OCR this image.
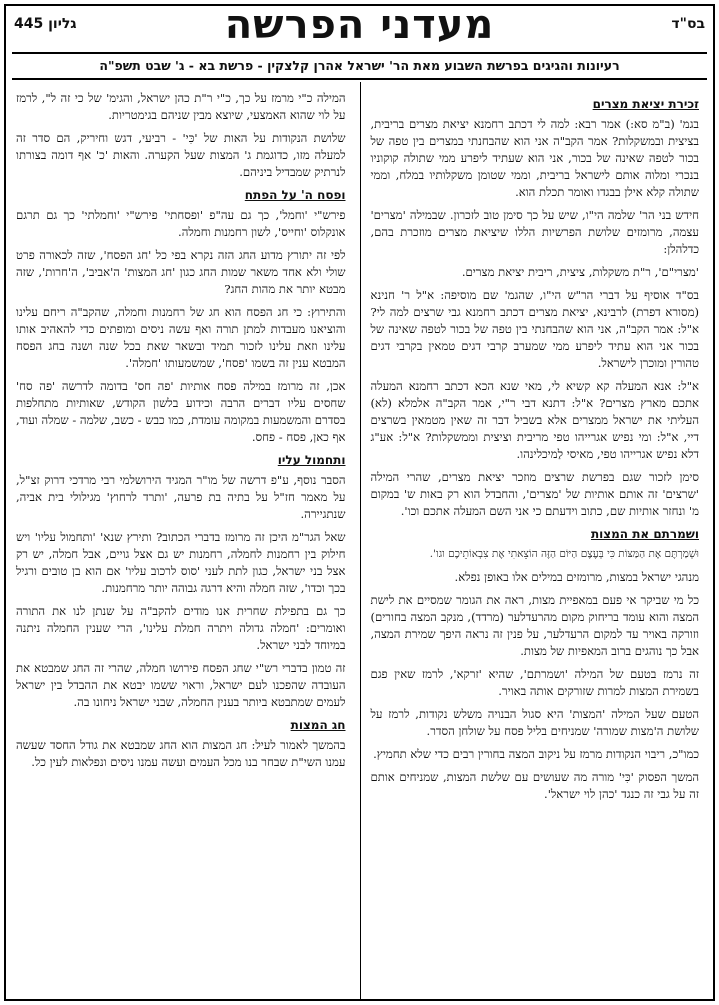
בס"ד
מעדני הפרשה
גליון 445
רעיונות והגיגים בפרשת השבוע מאת הר' ישראל אהרן קלצקין - פרשת בא - ג' שבט תשפ"ה
זכירת יציאת מצרים

בגמ' (ב"מ סא:) אמר רבא: למה לי דכתב רחמנא יציאת מצרים בריבית, בציצית ובמשקלות? אמר הקב"ה אני הוא שהבחנתי במצרים בין טפה של בכור לטפה שאינה של בכור, אני הוא שעתיד ליפרע ממי שתולה קוקוניו בנכרי ומלוה אותם לישראל בריבית, וממי שטומן משקלותיו במלח, וממי שתולה קלא אילן בבגדו ואומר תכלת הוא.

חידש בני הר' שלמה הי"ו, שיש על כך סימן טוב לזכרון. שבמילה 'מצרים' עצמה, מרומזים שלושת הפרשיות הללו שיציאת מצרים מוזכרת בהם, כדלהלן:

'מצרי"ם', ר"ת משקלות, ציצית, ריבית יציאת מצרים.

בס"ד אוסיף על דברי הר"ש הי"ו, שהגמ' שם מוסיפה: א"ל ר' חנינא (מסורא דפרת) לרבינא, יציאת מצרים דכתב רחמנא גבי שרצים למה לי? א"ל: אמר הקב"ה, אני הוא שהבחנתי בין טפה של בכור לטפה שאינה של בכור אני הוא עתיד ליפרע ממי שמערב קרבי דגים טמאין בקרבי דגים טהורין ומוכרן לישראל.

א"ל: אנא המעלה קא קשיא לי, מאי שנא הכא דכתב רחמנא המעלה אתכם מארץ מצרים? א"ל: דתנא דבי ר"י, אמר הקב"ה אלמלא (לא) העליתי את ישראל ממצרים אלא בשביל דבר זה שאין מטמאין בשרצים דיי, א"ל: ומי נפיש אגרייהו טפי מריבית וציצית וממשקלות? א"ל: אע"ג דלא נפיש אגרייהו טפי, מאיסי לַמיכלינהו.

סימן לזכור שגם בפרשת שרצים מוזכר יציאת מצרים, שהרי המילה 'שרצים' זה אותם אותיות של 'מצרים', והחבדל הוא רק באות ש' במקום מ' ונחזר אותיות שם, כתוב וידעתם כי אני השם המעלה אתכם וכו'.

ושמרתם את המצות

וּשְׁמַרְתֶּם אֶת הַמַּצּוֹת כִּי בְּעֶצֶם הַיּוֹם הַזֶּה הוֹצֵאתִי אֶת צִבְאוֹתֵיכֶם וגו'.

מנהגי ישראל במצות, מרומזים במילים אלו באופן נפלא.

כל מי שביקר אי פעם במאפיית מצות, ראה את הגומר שמסיים את לישת המצה והוא עומד בריחוק מקום מהרעדלער (מרדד), מנקב המצה בחורים) וזורקה באויר עד למקום הרעדלער, על פנין זה נראה היפך שמירת המצה, אבל כך נוהגים ברוב המאפיות של מצות.

זה נרמז בטעם של המילה 'ושמרתם', שהיא 'זרקא', לרמז שאין פגם בשמירת המצות למרות שזורקים אותה באויר.

הטעם שעל המילה 'המצות' היא סגול הבנויה משלש נקודות, לרמז על שלושת ה'מצות שמורה' שמניחים בליל פסח על שולחן הסדר.

כמו"כ, ריבוי הנקודות מרמז על ניקוב המצה בחורין רבים כדי שלא תחמיץ.

המשך הפסוק 'כִּי' מורה מה שעושים עם שלשת המצות, שמניחים אותם זה על גבי זה כנגד 'כהן לוי ישראל'.

המילה כ"י מרמז על כך, כ"י ר"ת כהן ישראל, והגימ' של כי זה ל", לרמז על לוי שהוא האמצעי, שיוצא מבין שניהם בגימטריות.

שלושת הנקודות על האות של 'כִּי' - רביעי, דגש וחיריק, הם סדר זה למעלה מזו, כדוגמת ג' המצות שעל הקערה. והאות 'כ' אף דומה בצורתו לנרתיק שמבדיל ביניהם.

ופסח ה' על הפתח

פירש"י 'וחמל', כך גם עה"פ 'ופסחתי' פירש"י 'וחמלתי' כך גם תרגם אונקלוס 'וחייס', לשון רחמנות וחמלה.

לפי זה יתורץ מדוע החג הזה נקרא בפי כל 'חג הפסח', שזה לכאורה פרט שולי ולא אחד משאר שמות החג כגון 'חג המצות' ה'אביב', ה'חרות', שזה מבטא יותר את מהות החג?

והתירוץ: כי חג הפסח הוא חג של רחמנות וחמלה, שהקב"ה ריחם עלינו והוציאנו מעבדות למתן תורה ואף עשה ניסים ומופתים כדי להאהיב אותו עלינו וזאת עלינו לזכור תמיד ובשאר שאת בכל שנה ושנה בחג הפסח המבטא ענין זה בשמו 'פסח', שמשמעותו 'חמלה'.

אכן, זה מרומז במילה פסח אותיות 'פה חס' בדומה לדרשה 'פה סח' שחסים עליו דברים הרבה וכידוע בלשון הקודש, שאותיות מתחלפות בסדרם והמשמעות במקומה עומדת, כמו כבש - כשב, שלמה - שמלה ועוד, אף כאן, פסח - פחס.

ותחמול עליו

הסבר נוסף, ע"פ דרשה של מו"ר המגיד הירושלמי רבי מרדכי דרוק זצ"ל, על מאמר חז"ל על בתיה בת פרעה, 'ותרד לרחוץ' מגילולי בית אביה, שנתגיירה.

שאל הגר"מ היכן זה מרומז בדברי הכתוב? ותירץ שנא' 'ותחמול עליו' ויש חילוק בין רחמנות לחמלה, רחמנות יש גם אצל גויים, אבל חמלה, יש רק אצל בני ישראל, כגון לתת לעני 'סוס לרכוב עליו' אם הוא בן טובים ורגיל בכך וכדו', שזה חמלה והיא דרגה גבוהה יותר מרחמנות.

כך גם בתפילת שחרית אנו מודים להקב"ה על שנתן לנו את התורה ואומרים: 'חמלה גדולה ויתרה חמלת עלינו', הרי שענין החמלה ניתנה במיוחד לבני ישראל.

זה טמון בדברי רש"י שחג הפסח פירושו חמלה, שהרי זה החג שמבטא את העובדה שהפכנו לעם ישראל, וראוי ששמו יבטא את ההבדל בין ישראל לעמים שמתבטא ביותר בענין החמלה, שבני ישראל ניחונו בה.

חג המצות

בהמשך לאמור לעיל: חג המצות הוא החג שמבטא את גודל החסד שעשה עמנו השי"ת שבחר בנו מכל העמים ועשה עמנו ניסים ונפלאות לעין כל.
